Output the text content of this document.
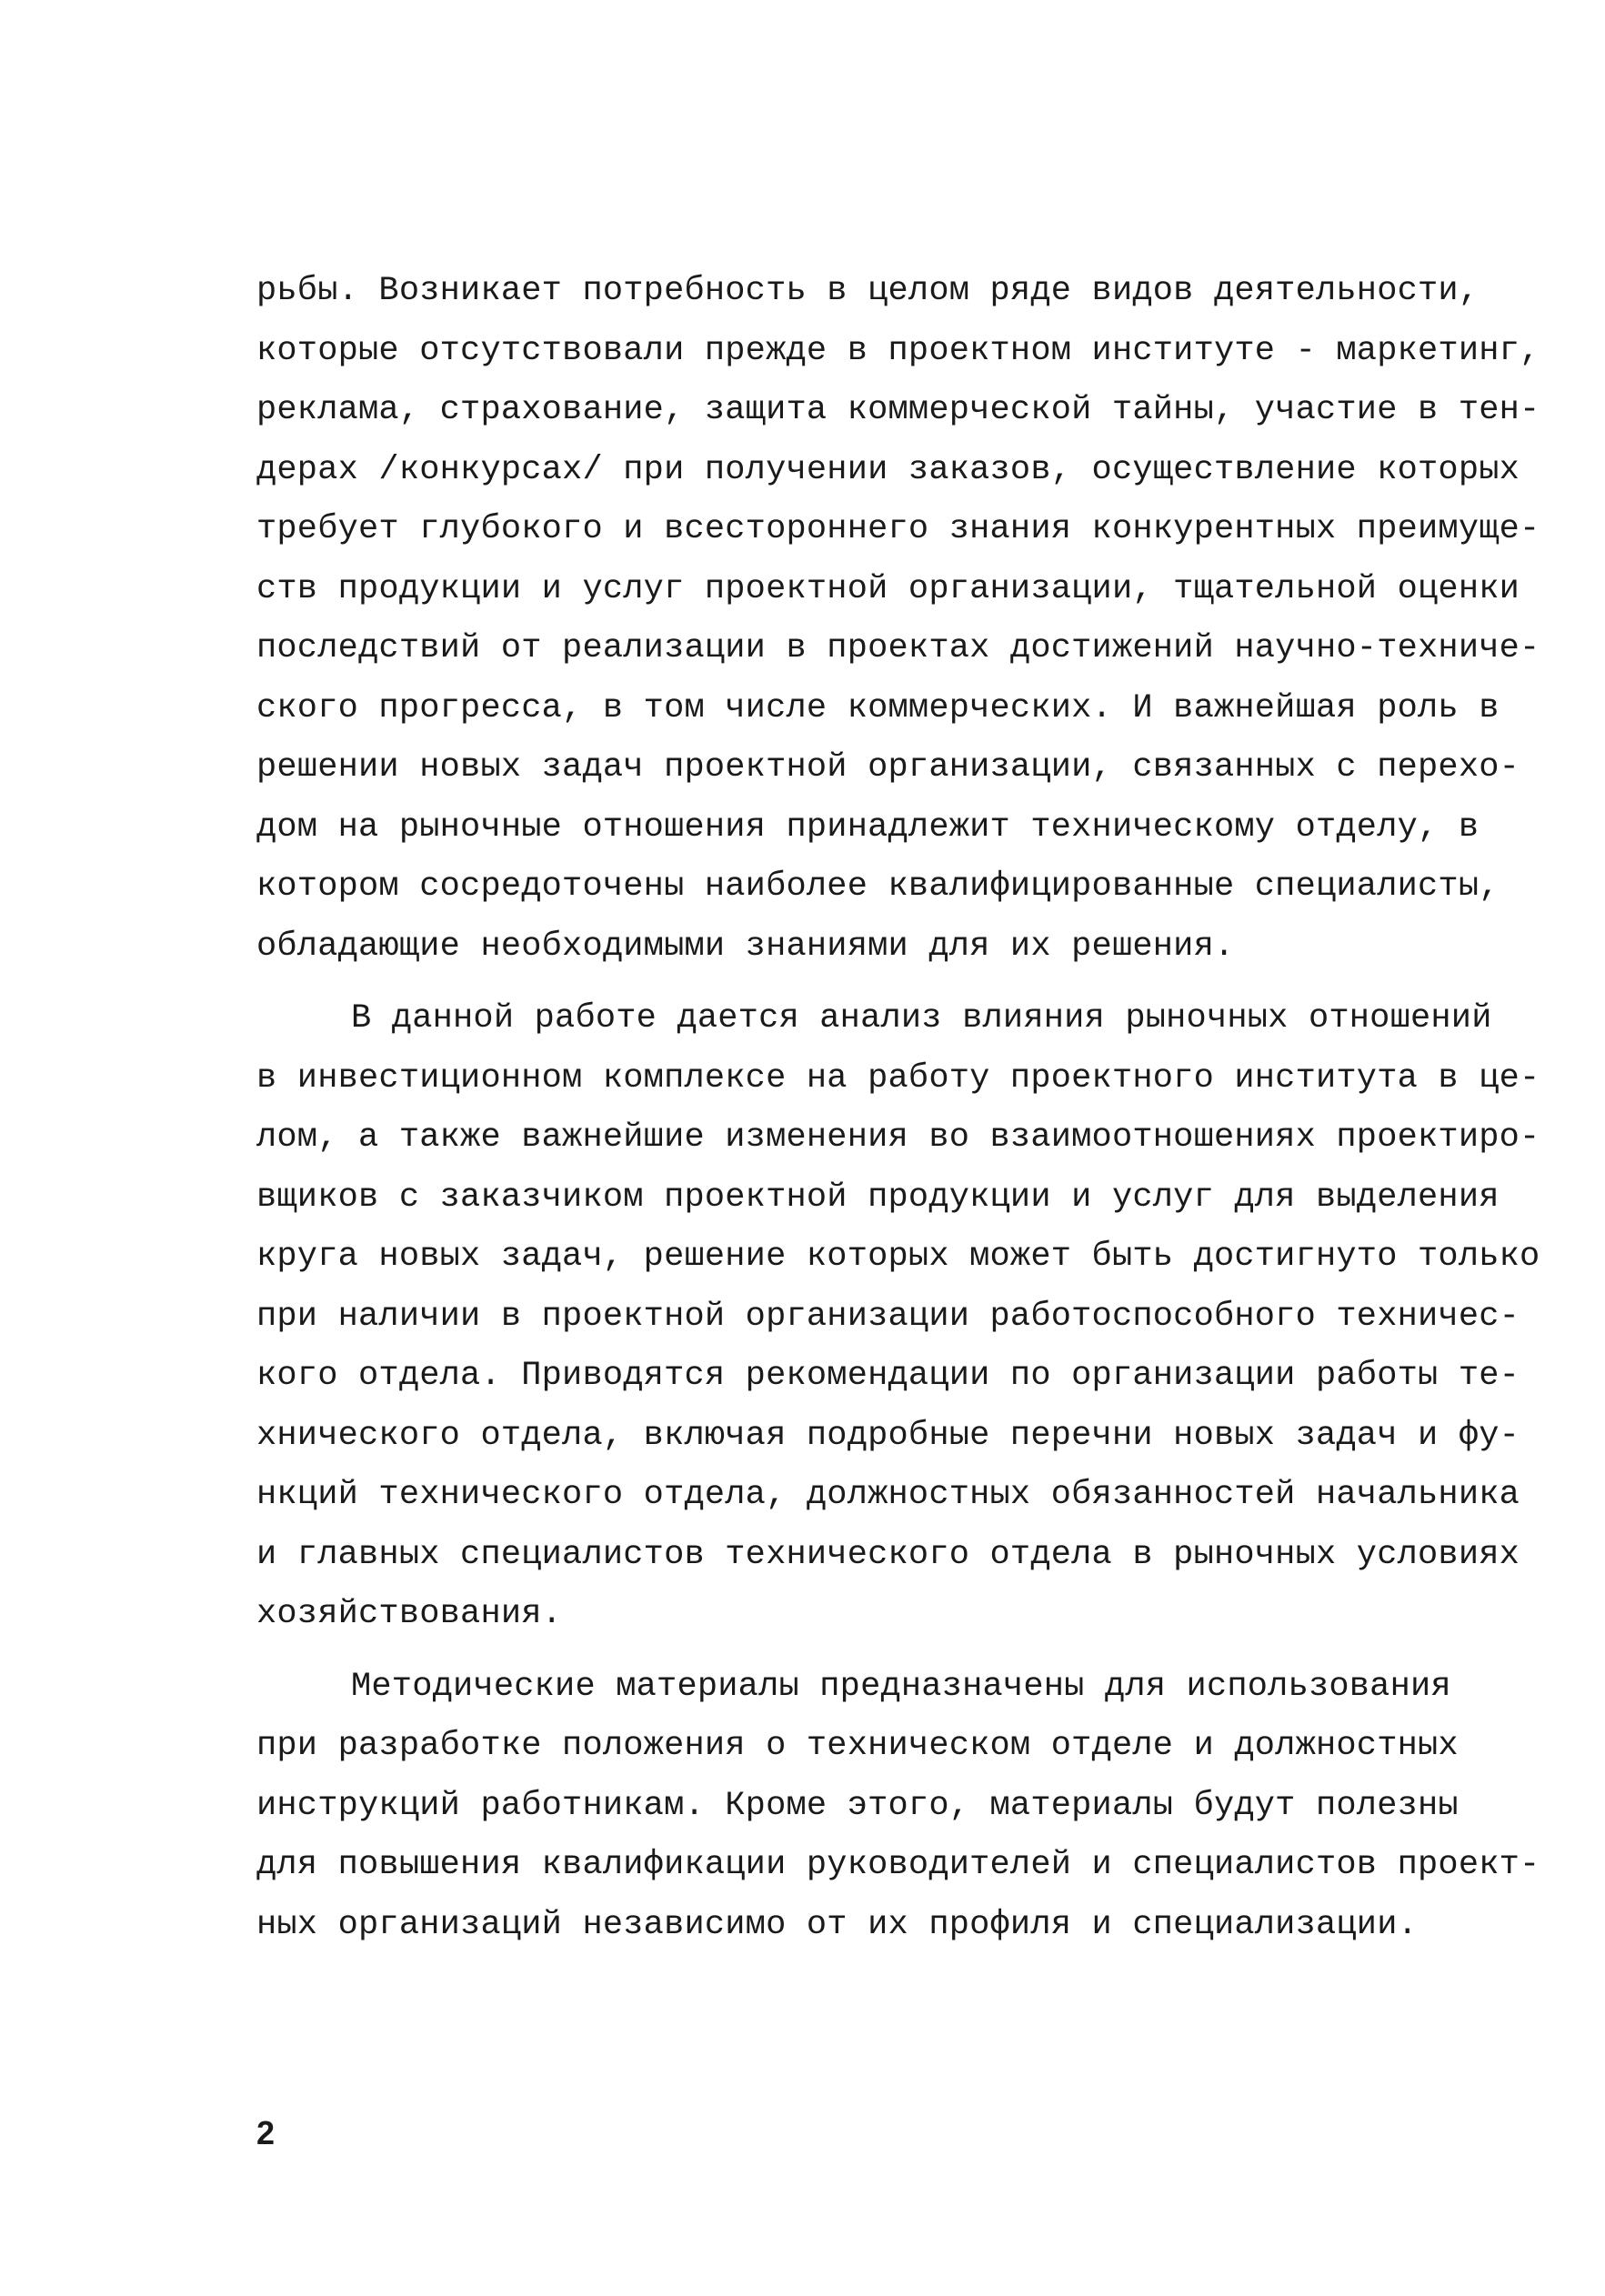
рьбы. Возникает потребность в целом ряде видов деятельности,
которые отсутствовали прежде в проектном институте - маркетинг,
реклама, страхование, защита коммерческой тайны, участие в тен-
дерах /конкурсах/ при получении заказов, осуществление которых
требует глубокого и всестороннего знания конкурентных преимуще-
ств продукции и услуг проектной организации, тщательной оценки
последствий от реализации в проектах достижений научно-техниче-
ского прогресса, в том числе коммерческих. И важнейшая роль в
решении новых задач проектной организации, связанных с перехо-
дом на рыночные отношения принадлежит техническому отделу, в
котором сосредоточены наиболее квалифицированные специалисты,
обладающие необходимыми знаниями для их решения.
В данной работе дается анализ влияния рыночных отношений
в инвестиционном комплексе на работу проектного института в це-
лом, а также важнейшие изменения во взаимоотношениях проектиро-
вщиков с заказчиком проектной продукции и услуг для выделения
круга новых задач, решение которых может быть достигнуто только
при наличии в проектной организации работоспособного техничес-
кого отдела. Приводятся рекомендации по организации работы те-
хнического отдела, включая подробные перечни новых задач и фу-
нкций технического отдела, должностных обязанностей начальника
и главных специалистов технического отдела в рыночных условиях
хозяйствования.
Методические материалы предназначены для использования
при разработке положения о техническом отделе и должностных
инструкций работникам. Кроме этого, материалы будут полезны
для повышения квалификации руководителей и специалистов проект-
ных организаций независимо от их профиля и специализации.
2
